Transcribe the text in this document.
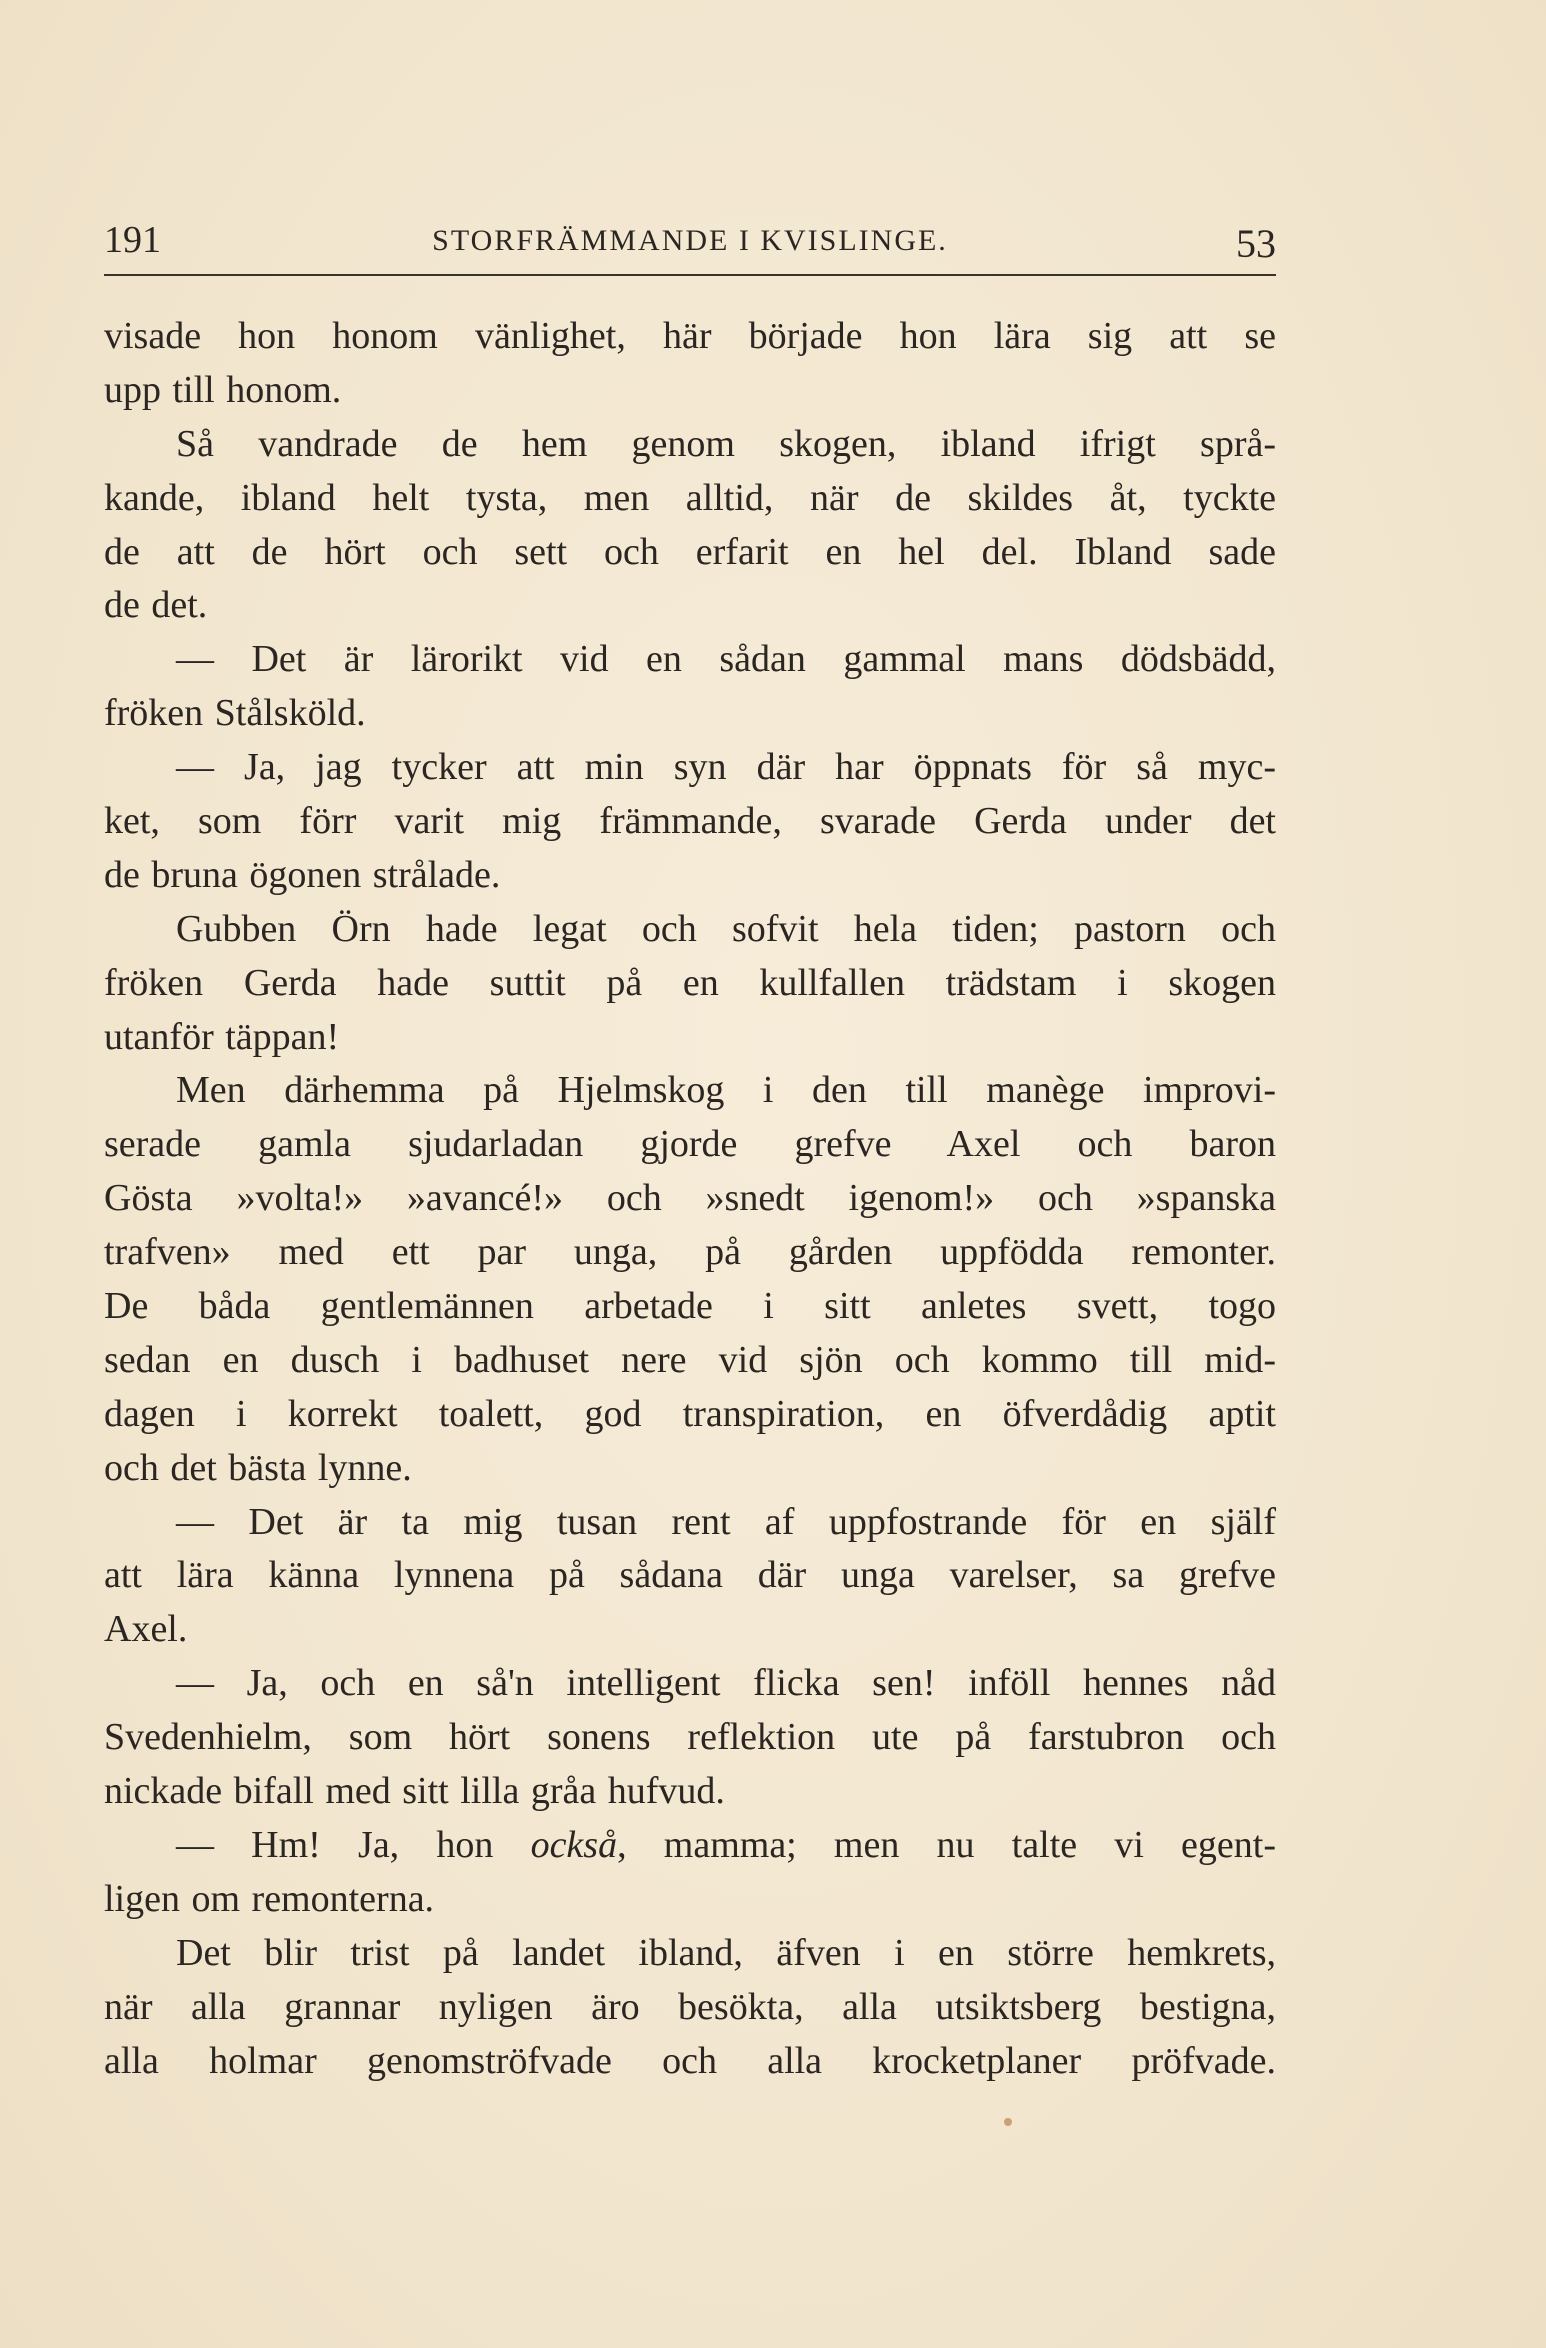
191	STORFRÄMMANDE I KVISLINGE.	53
visade hon honom vänlighet, här började hon lära sig att se
upp till honom.
Så vandrade de hem genom skogen, ibland ifrigt språ-
kande, ibland helt tysta, men alltid, när de skildes åt, tyckte
de att de hört och sett och erfarit en hel del. Ibland sade
de det.
— Det är lärorikt vid en sådan gammal mans dödsbädd,
fröken Stålsköld.
— Ja, jag tycker att min syn där har öppnats för så myc-
ket, som förr varit mig främmande, svarade Gerda under det
de bruna ögonen strålade.
Gubben Örn hade legat och sofvit hela tiden; pastorn och
fröken Gerda hade suttit på en kullfallen trädstam i skogen
utanför täppan!
Men därhemma på Hjelmskog i den till manège improvi-
serade gamla sjudarladan gjorde grefve Axel och baron
Gösta »volta!» »avancé!» och »snedt igenom!» och »spanska
trafven» med ett par unga, på gården uppfödda remonter.
De båda gentlemännen arbetade i sitt anletes svett, togo
sedan en dusch i badhuset nere vid sjön och kommo till mid-
dagen i korrekt toalett, god transpiration, en öfverdådig aptit
och det bästa lynne.
— Det är ta mig tusan rent af uppfostrande för en själf
att lära känna lynnena på sådana där unga varelser, sa grefve
Axel.
— Ja, och en så'n intelligent flicka sen! inföll hennes nåd
Svedenhielm, som hört sonens reflektion ute på farstubron och
nickade bifall med sitt lilla gråa hufvud.
— Hm! Ja, hon också, mamma; men nu talte vi egent-
ligen om remonterna.
Det blir trist på landet ibland, äfven i en större hemkrets,
när alla grannar nyligen äro besökta, alla utsiktsberg bestigna,
alla holmar genomströfvade och alla krocketplaner pröfvade.
